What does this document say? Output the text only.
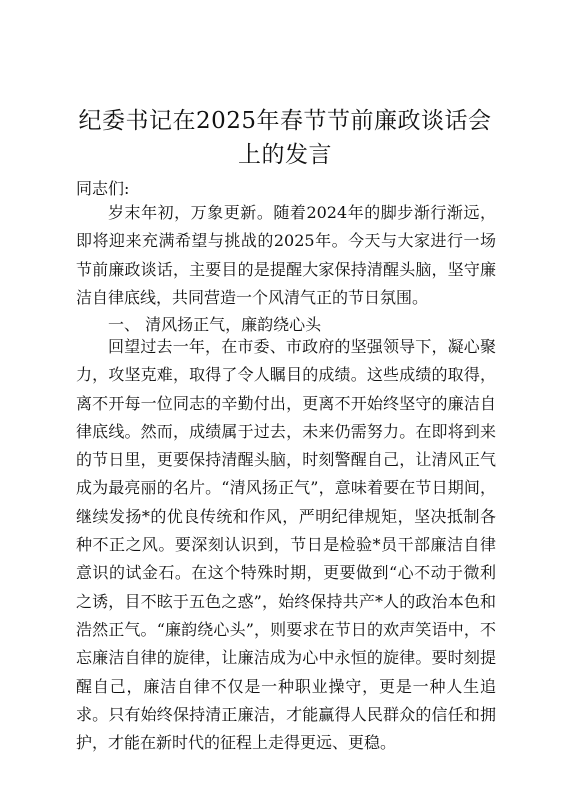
纪委书记在2025年春节节前廉政谈话会上的发言
同志们:
岁末年初，万象更新。随着2024年的脚步渐行渐远，即将迎来充满希望与挑战的2025年。今天与大家进行一场节前廉政谈话，主要目的是提醒大家保持清醒头脑，坚守廉洁自律底线，共同营造一个风清气正的节日氛围。
一、 清风扬正气，廉韵绕心头
回望过去一年，在市委、市政府的坚强领导下，凝心聚力，攻坚克难，取得了令人瞩目的成绩。这些成绩的取得，离不开每一位同志的辛勤付出，更离不开始终坚守的廉洁自律底线。然而，成绩属于过去，未来仍需努力。在即将到来的节日里，更要保持清醒头脑，时刻警醒自己，让清风正气成为最亮丽的名片。“清风扬正气”，意味着要在节日期间，继续发扬*的优良传统和作风，严明纪律规矩，坚决抵制各种不正之风。要深刻认识到，节日是检验*员干部廉洁自律意识的试金石。在这个特殊时期，更要做到“心不动于微利之诱，目不眩于五色之惑”，始终保持共产*人的政治本色和浩然正气。“廉韵绕心头”，则要求在节日的欢声笑语中，不忘廉洁自律的旋律，让廉洁成为心中永恒的旋律。要时刻提醒自己，廉洁自律不仅是一种职业操守，更是一种人生追求。只有始终保持清正廉洁，才能赢得人民群众的信任和拥护，才能在新时代的征程上走得更远、更稳。
